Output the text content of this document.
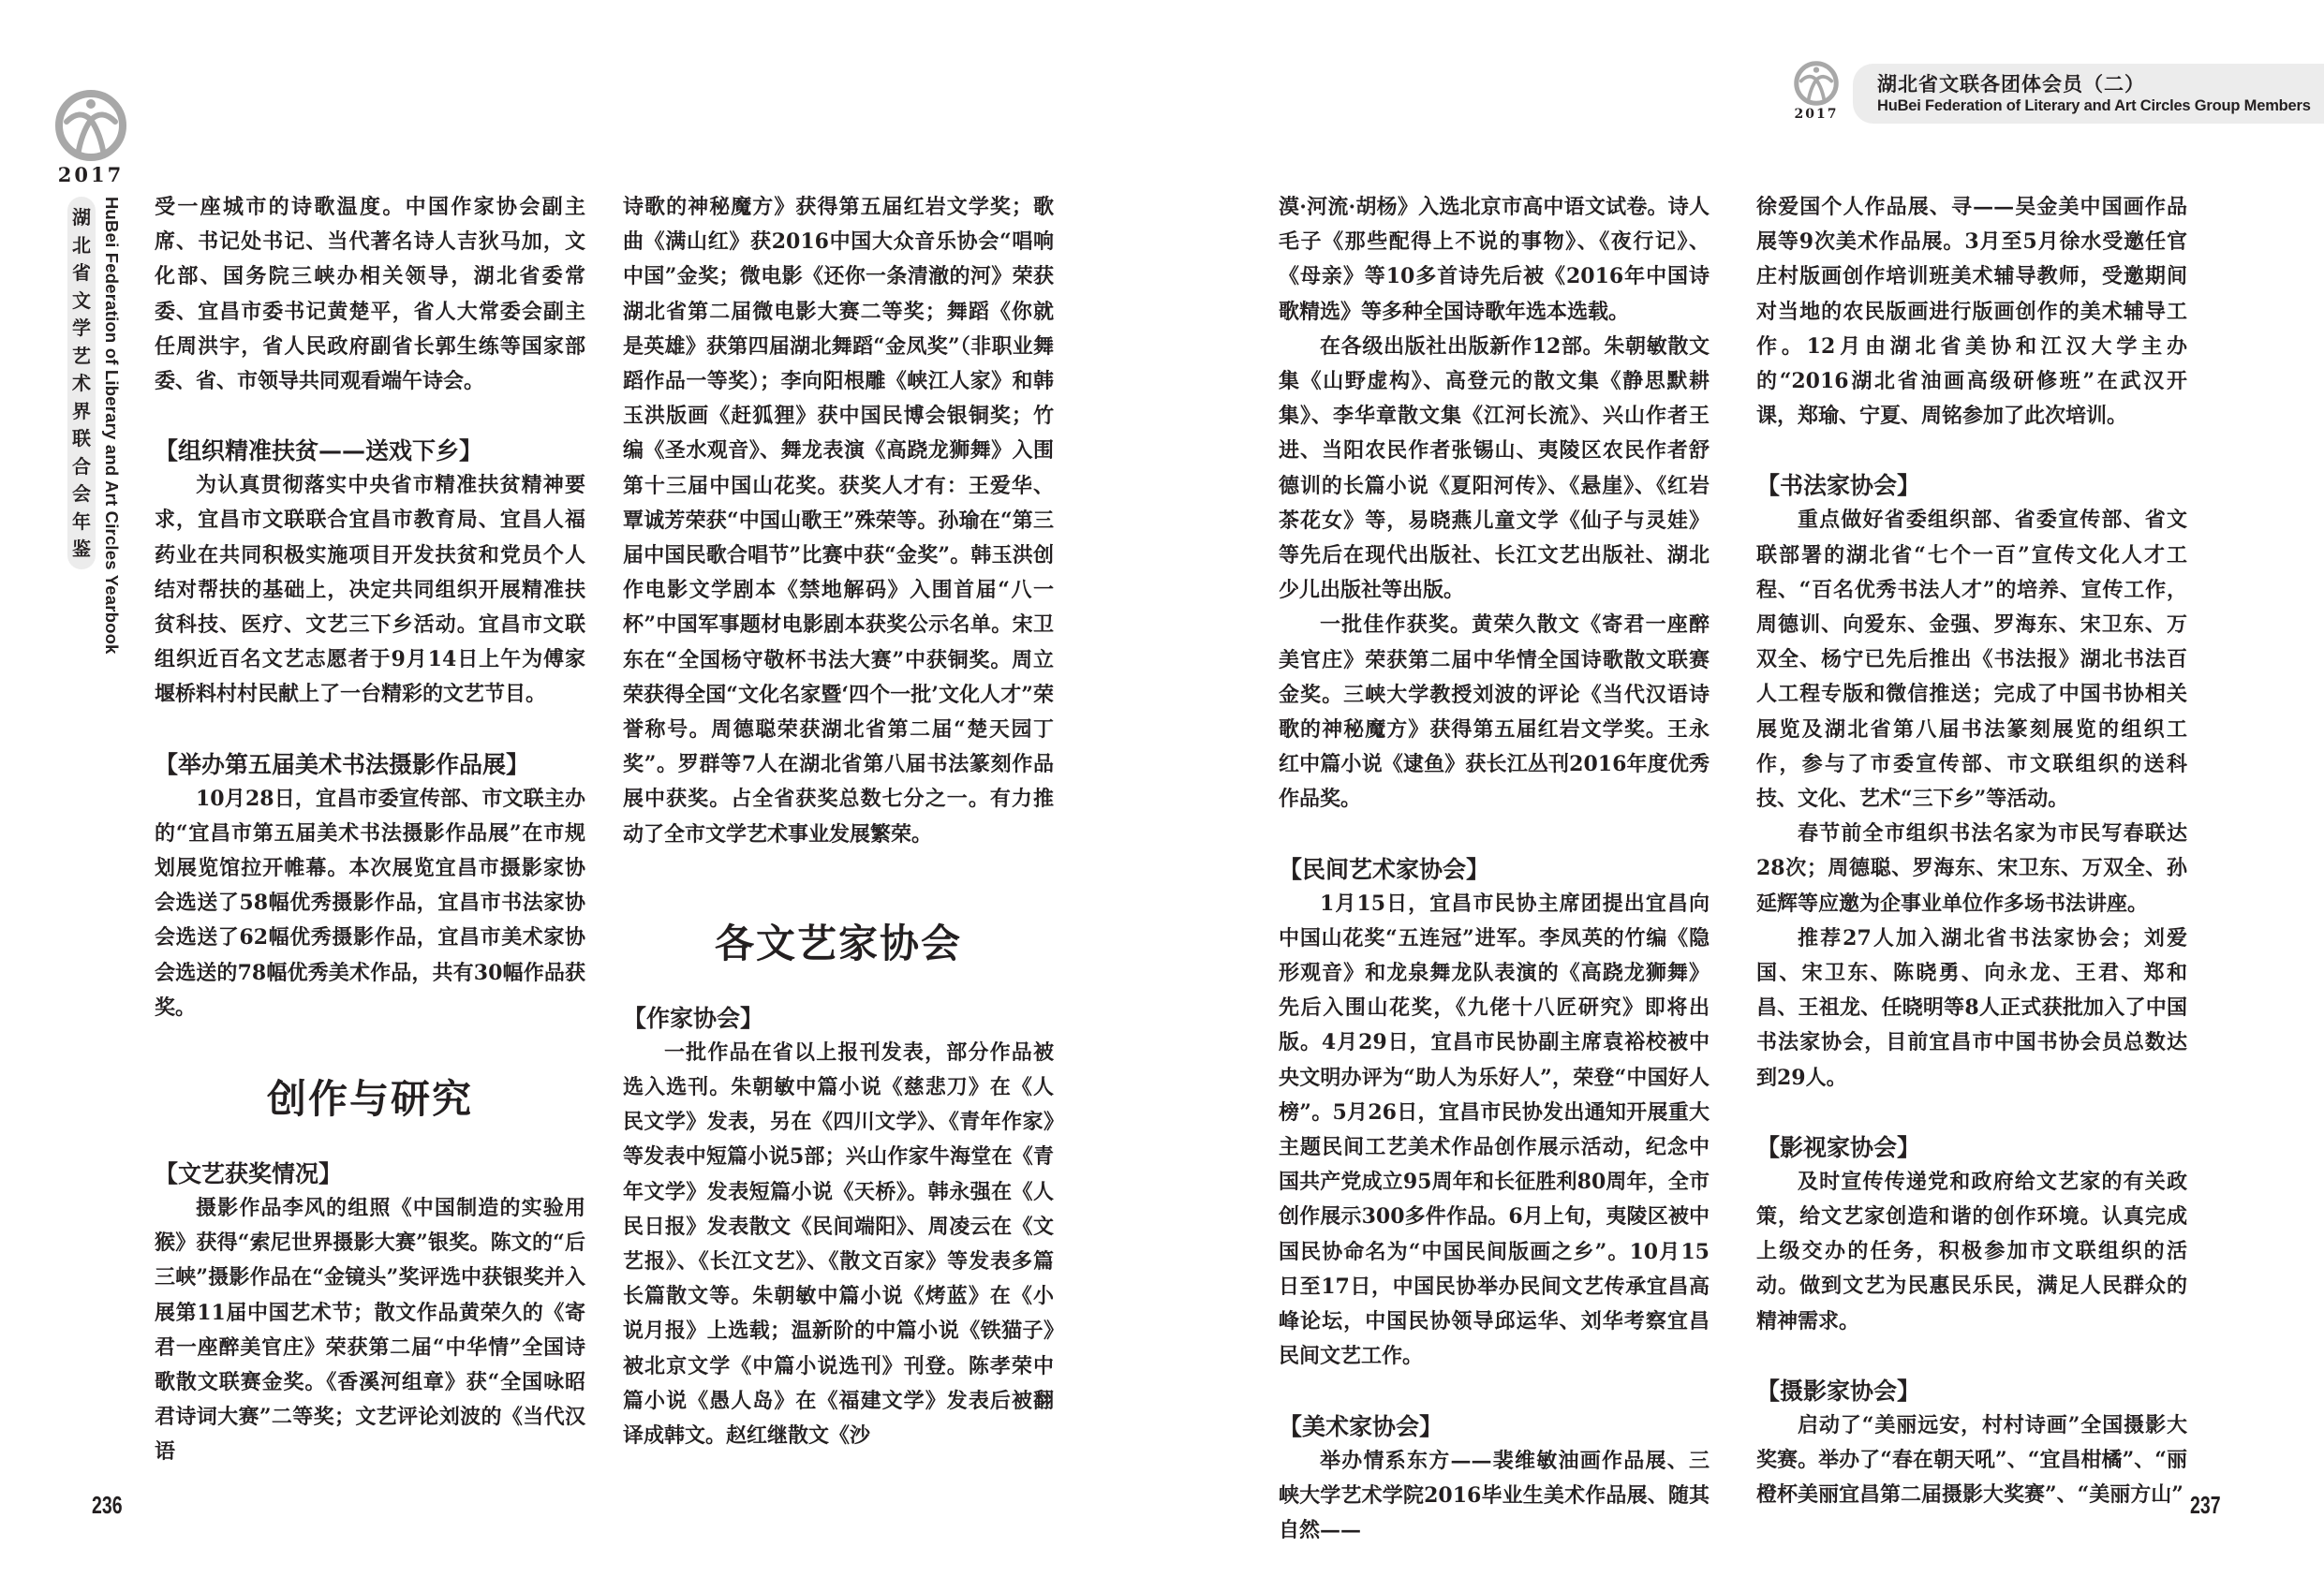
2017
湖
北
省
文
学
艺
术
界
联
合
会
年
鉴 HuBei Federation of Liberary and Art Circles Yearbook 受一座城市的诗歌温度。中国作家协会副主席、书记处书记、当代著名诗人吉狄马加，文化部、国务院三峡办相关领导，湖北省委常委、宜昌市委书记黄楚平，省人大常委会副主任周洪宇，省人民政府副省长郭生练等国家部委、省、市领导共同观看端午诗会。

【组织精准扶贫——送戏下乡】

为认真贯彻落实中央省市精准扶贫精神要求，宜昌市文联联合宜昌市教育局、宜昌人福药业在共同积极实施项目开发扶贫和党员个人结对帮扶的基础上，决定共同组织开展精准扶贫科技、医疗、文艺三下乡活动。宜昌市文联组织近百名文艺志愿者于9月14日上午为傅家堰桥料村村民献上了一台精彩的文艺节目。

【举办第五届美术书法摄影作品展】

10月28日，宜昌市委宣传部、市文联主办的“宜昌市第五届美术书法摄影作品展”在市规划展览馆拉开帷幕。本次展览宜昌市摄影家协会选送了58幅优秀摄影作品，宜昌市书法家协会选送了62幅优秀摄影作品，宜昌市美术家协会选送的78幅优秀美术作品，共有30幅作品获奖。

创作与研究
【文艺获奖情况】

摄影作品李风的组照《中国制造的实验用猴》获得“索尼世界摄影大赛”银奖。陈文的“后三峡”摄影作品在“金镜头”奖评选中获银奖并入展第11届中国艺术节；散文作品黄荣久的《寄君一座醉美官庄》荣获第二届“中华情”全国诗歌散文联赛金奖。《香溪河组章》获“全国咏昭君诗词大赛”二等奖；文艺评论刘波的《当代汉语

诗歌的神秘魔方》获得第五届红岩文学奖；歌曲《满山红》获2016中国大众音乐协会“唱响中国”金奖；微电影《还你一条清澈的河》荣获湖北省第二届微电影大赛二等奖；舞蹈《你就是英雄》获第四届湖北舞蹈“金凤奖”（非职业舞蹈作品一等奖）；李向阳根雕《峡江人家》和韩玉洪版画《赶狐狸》获中国民博会银铜奖；竹编《圣水观音》、舞龙表演《高跷龙狮舞》入围第十三届中国山花奖。获奖人才有：王爱华、覃诚芳荣获“中国山歌王”殊荣等。孙瑜在“第三届中国民歌合唱节”比赛中获“金奖”。韩玉洪创作电影文学剧本《禁地解码》入围首届“八一杯”中国军事题材电影剧本获奖公示名单。宋卫东在“全国杨守敬杯书法大赛”中获铜奖。周立荣获得全国“文化名家暨‘四个一批’文化人才”荣誉称号。周德聪荣获湖北省第二届“楚天园丁奖”。罗群等7人在湖北省第八届书法篆刻作品展中获奖。占全省获奖总数七分之一。有力推动了全市文学艺术事业发展繁荣。

各文艺家协会
【作家协会】

一批作品在省以上报刊发表，部分作品被选入选刊。朱朝敏中篇小说《慈悲刀》在《人民文学》发表，另在《四川文学》、《青年作家》等发表中短篇小说5部；兴山作家牛海堂在《青年文学》发表短篇小说《天桥》。韩永强在《人民日报》发表散文《民间端阳》、周凌云在《文艺报》、《长江文艺》、《散文百家》等发表多篇长篇散文等。朱朝敏中篇小说《烤蓝》在《小说月报》上选载；温新阶的中篇小说《铁猫子》被北京文学《中篇小说选刊》刊登。陈孝荣中篇小说《愚人岛》在《福建文学》发表后被翻译成韩文。赵红继散文《沙

236
2017
湖北省文联各团体会员（二）
HuBei Federation of Literary and Art Circles Group Members

漠·河流·胡杨》入选北京市高中语文试卷。诗人毛子《那些配得上不说的事物》、《夜行记》、《母亲》等10多首诗先后被《2016年中国诗歌精选》等多种全国诗歌年选本选载。

在各级出版社出版新作12部。朱朝敏散文集《山野虚构》、高登元的散文集《静思默耕集》、李华章散文集《江河长流》、兴山作者王进、当阳农民作者张锡山、夷陵区农民作者舒德训的长篇小说《夏阳河传》、《悬崖》、《红岩茶花女》等，易晓燕儿童文学《仙子与灵娃》等先后在现代出版社、长江文艺出版社、湖北少儿出版社等出版。

一批佳作获奖。黄荣久散文《寄君一座醉美官庄》荣获第二届中华情全国诗歌散文联赛金奖。三峡大学教授刘波的评论《当代汉语诗歌的神秘魔方》获得第五届红岩文学奖。王永红中篇小说《逮鱼》获长江丛刊2016年度优秀作品奖。

【民间艺术家协会】

1月15日，宜昌市民协主席团提出宜昌向中国山花奖“五连冠”进军。李凤英的竹编《隐形观音》和龙泉舞龙队表演的《高跷龙狮舞》先后入围山花奖，《九佬十八匠研究》即将出版。4月29日，宜昌市民协副主席袁裕校被中央文明办评为“助人为乐好人”，荣登“中国好人榜”。5月26日，宜昌市民协发出通知开展重大主题民间工艺美术作品创作展示活动，纪念中国共产党成立95周年和长征胜利80周年，全市创作展示300多件作品。6月上旬，夷陵区被中国民协命名为“中国民间版画之乡”。10月15日至17日，中国民协举办民间文艺传承宜昌高峰论坛，中国民协领导邱运华、刘华考察宜昌民间文艺工作。

【美术家协会】

举办情系东方——裴维敏油画作品展、三峡大学艺术学院2016毕业生美术作品展、随其自然——

徐爱国个人作品展、寻——吴金美中国画作品展等9次美术作品展。3月至5月徐水受邀任官庄村版画创作培训班美术辅导教师，受邀期间对当地的农民版画进行版画创作的美术辅导工作。12月由湖北省美协和江汉大学主办的“2016湖北省油画高级研修班”在武汉开课，郑瑜、宁夏、周铭参加了此次培训。

【书法家协会】

重点做好省委组织部、省委宣传部、省文联部署的湖北省“七个一百”宣传文化人才工程、“百名优秀书法人才”的培养、宣传工作，周德训、向爱东、金强、罗海东、宋卫东、万双全、杨宁已先后推出《书法报》湖北书法百人工程专版和微信推送；完成了中国书协相关展览及湖北省第八届书法篆刻展览的组织工作，参与了市委宣传部、市文联组织的送科技、文化、艺术“三下乡”等活动。

春节前全市组织书法名家为市民写春联达28次；周德聪、罗海东、宋卫东、万双全、孙延辉等应邀为企事业单位作多场书法讲座。

推荐27人加入湖北省书法家协会；刘爱国、宋卫东、陈晓勇、向永龙、王君、郑和昌、王祖龙、任晓明等8人正式获批加入了中国书法家协会，目前宜昌市中国书协会员总数达到29人。

【影视家协会】

及时宣传传递党和政府给文艺家的有关政策，给文艺家创造和谐的创作环境。认真完成上级交办的任务，积极参加市文联组织的活动。做到文艺为民惠民乐民，满足人民群众的精神需求。

【摄影家协会】

启动了“美丽远安，村村诗画”全国摄影大奖赛。举办了“春在朝天吼”、“宜昌柑橘”、“丽橙杯美丽宜昌第二届摄影大奖赛”、“美丽方山” 237
